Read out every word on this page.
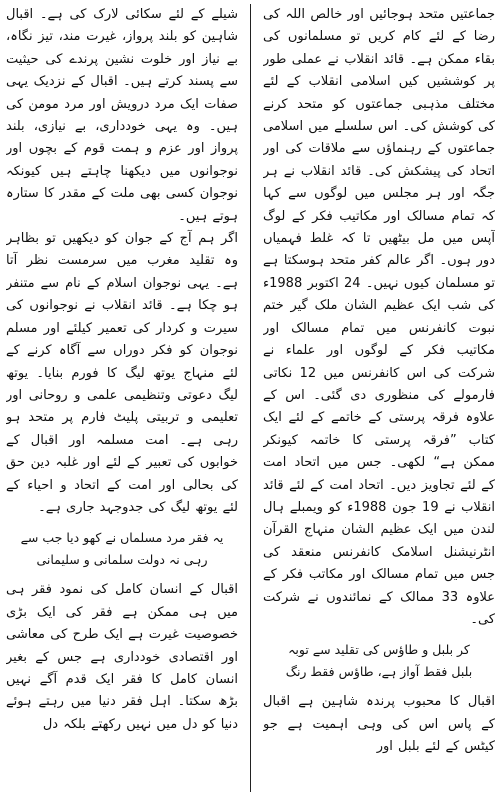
جماعتیں متحد ہوجائیں اور خالص اللہ کی رضا کے لئے کام کریں تو مسلمانوں کی بقاء ممکن ہے۔ قائد انقلاب نے عملی طور پر کوششیں کیں اسلامی انقلاب کے لئے مختلف مذہبی جماعتوں کو متحد کرنے کی کوشش کی۔ اس سلسلے میں اسلامی جماعتوں کے رہنماؤں سے ملاقات کی اور اتحاد کی پیشکش کی۔ قائد انقلاب نے ہر جگہ اور ہر مجلس میں لوگوں سے کہا کہ تمام مسالک اور مکاتیب فکر کے لوگ آپس میں مل بیٹھیں تا کہ غلط فہمیاں دور ہوں۔ اگر عالم کفر متحد ہوسکتا ہے تو مسلمان کیوں نہیں۔ 24 اکتوبر 1988ء کی شب ایک عظیم الشان ملک گیر ختم نبوت کانفرنس میں تمام مسالک اور مکاتیب فکر کے لوگوں اور علماء نے شرکت کی اس کانفرنس میں 12 نکاتی فارمولے کی منظوری دی گئی۔ اس کے علاوہ فرقہ پرستی کے خاتمے کے لئے ایک کتاب ”فرقہ پرستی کا خاتمہ کیونکر ممکن ہے“ لکھی۔ جس میں اتحاد امت کے لئے تجاویز دیں۔ اتحاد امت کے لئے قائد انقلاب نے 19 جون 1988ء کو ویمبلے ہال لندن میں ایک عظیم الشان منہاج القرآن انٹرنیشنل اسلامک کانفرنس منعقد کی جس میں تمام مسالک اور مکاتب فکر کے علاوہ 33 ممالک کے نمائندوں نے شرکت کی۔

کر بلبل و طاؤس کی تقلید سے توبہ

بلبل فقط آواز ہے، طاؤس فقط رنگ

اقبال کا محبوب پرندہ شاہین ہے اقبال کے پاس اس کی وہی اہمیت ہے جو کیٹس کے لئے بلبل اور

شیلے کے لئے سکائی لارک کی ہے۔ اقبال شاہین کو بلند پرواز، غیرت مند، تیز نگاہ، بے نیاز اور خلوت نشین پرندے کی حیثیت سے پسند کرتے ہیں۔ اقبال کے نزدیک یہی صفات ایک مرد درویش اور مرد مومن کی ہیں۔ وہ یہی خودداری، بے نیازی، بلند پرواز اور عزم و ہمت قوم کے بچوں اور نوجوانوں میں دیکھنا چاہتے ہیں کیونکہ نوجوان کسی بھی ملت کے مقدر کا ستارہ ہوتے ہیں۔

اگر ہم آج کے جوان کو دیکھیں تو بظاہر وہ تقلید مغرب میں سرمست نظر آتا ہے۔ یہی نوجوان اسلام کے نام سے متنفر ہو چکا ہے۔ قائد انقلاب نے نوجوانوں کی سیرت و کردار کی تعمیر کیلئے اور مسلم نوجوان کو فکر دوراں سے آگاہ کرنے کے لئے منہاج یوتھ لیگ کا فورم بنایا۔ یوتھ لیگ دعوتی وتنظیمی علمی و روحانی اور تعلیمی و تربیتی پلیٹ فارم پر متحد ہو رہی ہے۔ امت مسلمہ اور اقبال کے خوابوں کی تعبیر کے لئے اور غلبہ دین حق کی بحالی اور امت کے اتحاد و احیاء کے لئے یوتھ لیگ کی جدوجہد جاری ہے۔

یہ فقر مرد مسلماں نے کھو دیا جب سے

رہی نہ دولت سلمانی و سلیمانی

اقبال کے انسان کامل کی نمود فقر ہی میں ہی ممکن ہے فقر کی ایک بڑی خصوصیت غیرت ہے ایک طرح کی معاشی اور اقتصادی خودداری ہے جس کے بغیر انسان کامل کا فقر ایک قدم آگے نہیں بڑھ سکتا۔ اہل فقر دنیا میں رہتے ہوئے دنیا کو دل میں نہیں رکھتے بلکہ دل
